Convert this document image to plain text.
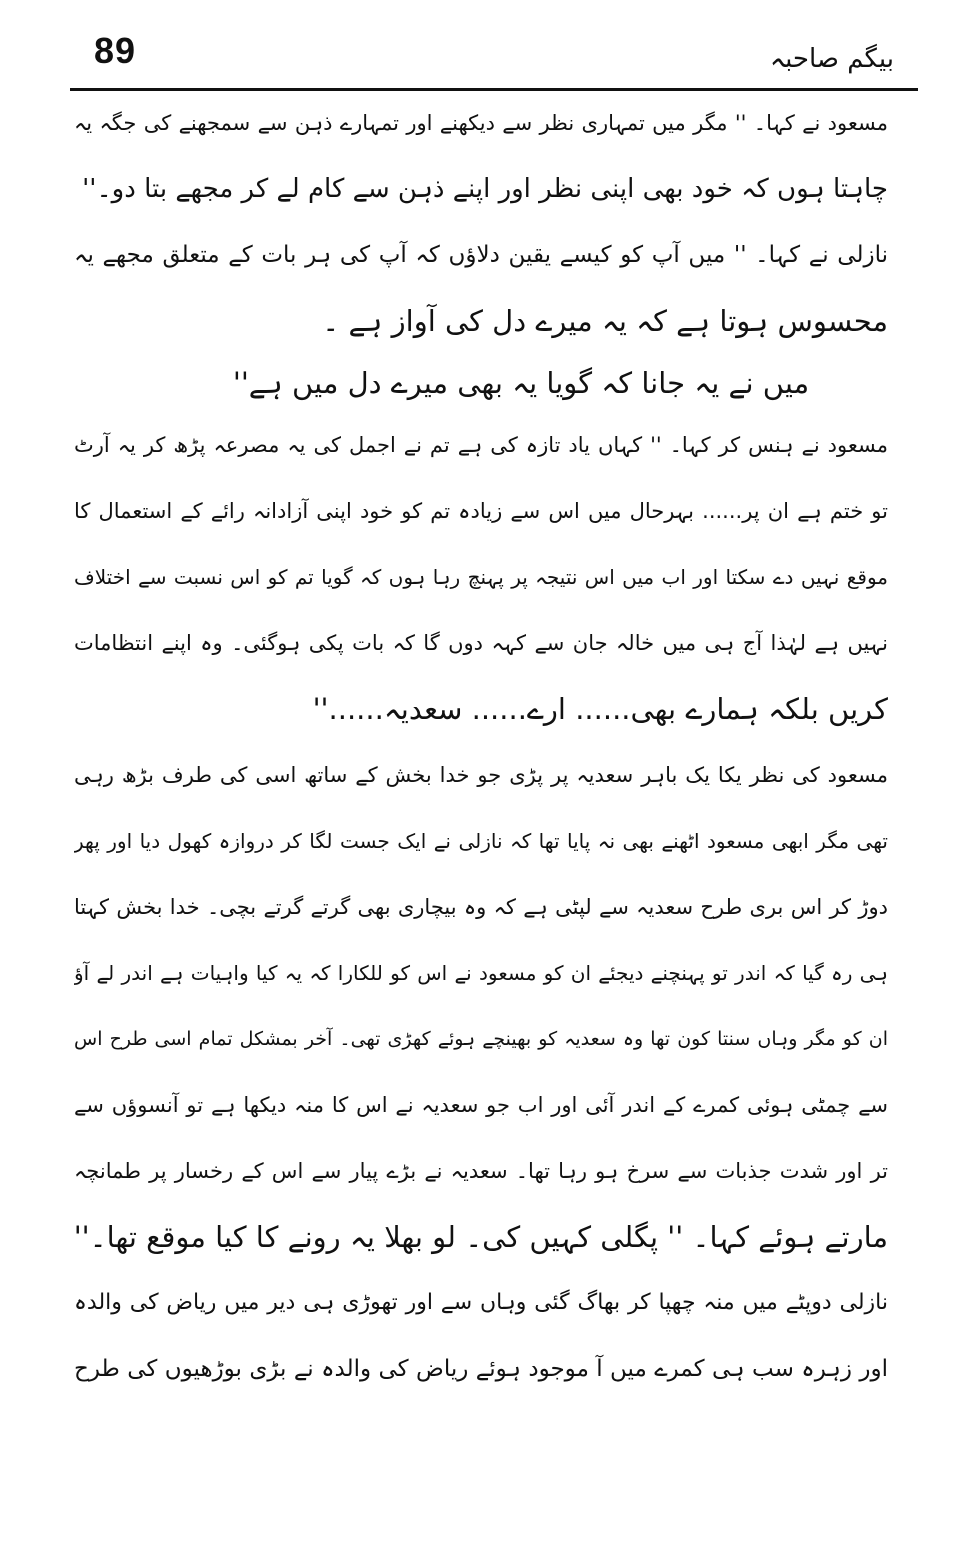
89	بیگم صاحبہ
مسعود نے کہا۔ '' مگر میں تمہاری نظر سے دیکھنے اور تمہارے ذہن سے سمجھنے کی جگہ یہ
چاہتا ہوں کہ خود بھی اپنی نظر اور اپنے ذہن سے کام لے کر مجھے بتا دو۔''
نازلی نے کہا۔ '' میں آپ کو کیسے یقین دلاؤں کہ آپ کی ہر بات کے متعلق مجھے یہ
محسوس ہوتا ہے کہ یہ میرے دل کی آواز ہے ۔
میں نے یہ جانا کہ گویا یہ بھی میرے دل میں ہے''
مسعود نے ہنس کر کہا۔ '' کہاں یاد تازہ کی ہے تم نے اجمل کی یہ مصرعہ پڑھ کر یہ آرٹ
تو ختم ہے ان پر...... بہرحال میں اس سے زیادہ تم کو خود اپنی آزادانہ رائے کے استعمال کا
موقع نہیں دے سکتا اور اب میں اس نتیجہ پر پہنچ رہا ہوں کہ گویا تم کو اس نسبت سے اختلاف
نہیں ہے لہٰذا آج ہی میں خالہ جان سے کہہ دوں گا کہ بات پکی ہوگئی۔ وہ اپنے انتظامات
کریں بلکہ ہمارے بھی...... ارے...... سعدیہ......''
مسعود کی نظر یکا یک باہر سعدیہ پر پڑی جو خدا بخش کے ساتھ اسی کی طرف بڑھ رہی
تھی مگر ابھی مسعود اٹھنے بھی نہ پایا تھا کہ نازلی نے ایک جست لگا کر دروازہ کھول دیا اور پھر
دوڑ کر اس بری طرح سعدیہ سے لپٹی ہے کہ وہ بیچاری بھی گرتے گرتے بچی۔ خدا بخش کہتا
ہی رہ گیا کہ اندر تو پہنچنے دیجئے ان کو مسعود نے اس کو للکارا کہ یہ کیا واہیات ہے اندر لے آؤ
ان کو مگر وہاں سنتا کون تھا وہ سعدیہ کو بھینچے ہوئے کھڑی تھی۔ آخر بمشکل تمام اسی طرح اس
سے چمٹی ہوئی کمرے کے اندر آئی اور اب جو سعدیہ نے اس کا منہ دیکھا ہے تو آنسوؤں سے
تر اور شدت جذبات سے سرخ ہو رہا تھا۔ سعدیہ نے بڑے پیار سے اس کے رخسار پر طمانچہ
مارتے ہوئے کہا۔ '' پگلی کہیں کی۔ لو بھلا یہ رونے کا کیا موقع تھا۔''
نازلی دوپٹے میں منہ چھپا کر بھاگ گئی وہاں سے اور تھوڑی ہی دیر میں ریاض کی والدہ
اور زہرہ سب ہی کمرے میں آ موجود ہوئے ریاض کی والدہ نے بڑی بوڑھیوں کی طرح
